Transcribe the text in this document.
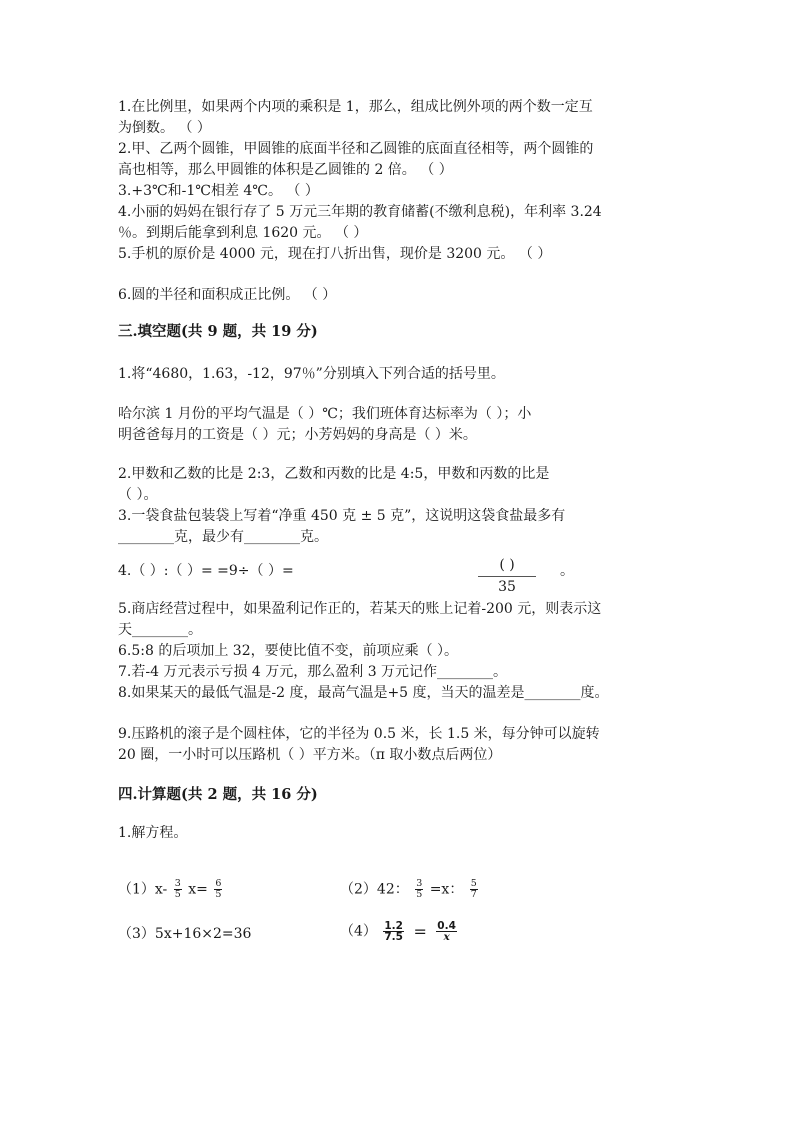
1.在比例里，如果两个内项的乘积是 1，那么，组成比例外项的两个数一定互
为倒数。 （ ）
2.甲、乙两个圆锥，甲圆锥的底面半径和乙圆锥的底面直径相等，两个圆锥的
高也相等，那么甲圆锥的体积是乙圆锥的 2 倍。 （ ）
3.+3℃和-1℃相差 4℃。 （ ）
4.小丽的妈妈在银行存了 5 万元三年期的教育储蓄(不缴利息税)，年利率 3.24
％。到期后能拿到利息 1620 元。 （ ）
5.手机的原价是 4000 元，现在打八折出售，现价是 3200 元。 （ ）
6.圆的半径和面积成正比例。 （ ）
三.填空题(共 9 题，共 19 分)
1.将“4680，1.63，-12，97％”分别填入下列合适的括号里。
哈尔滨 1 月份的平均气温是（ ）℃；我们班体育达标率为（ ）；小
明爸爸每月的工资是（ ）元；小芳妈妈的身高是（ ）米。
2.甲数和乙数的比是 2:3，乙数和丙数的比是 4:5，甲数和丙数的比是
（ ）。
3.一袋食盐包装袋上写着“净重 450 克 ± 5 克”，这说明这袋食盐最多有
________克，最少有________克。
4.（ ）:（ ）= =9÷（ ）=	( )
35
。
5.商店经营过程中，如果盈利记作正的，若某天的账上记着-200 元，则表示这
天________。
6.5:8 的后项加上 32，要使比值不变，前项应乘（ ）。
7.若-4 万元表示亏损 4 万元，那么盈利 3 万元记作________。
8.如果某天的最低气温是-2 度，最高气温是+5 度，当天的温差是________度。
9.压路机的滚子是个圆柱体，它的半径为 0.5 米，长 1.5 米，每分钟可以旋转
20 圈，一小时可以压路机（ ）平方米。（π 取小数点后两位）
四.计算题(共 2 题，共 16 分)
1.解方程。
$(1)x- \frac{3}{5} x= \frac{6}{5}$	（2）42： $\frac{3}{5} =x$： $\frac{5}{7}$
（3）5x+16×2=36	$(4) \frac{1.2}{7.5} = \frac{0.4}{x}$
